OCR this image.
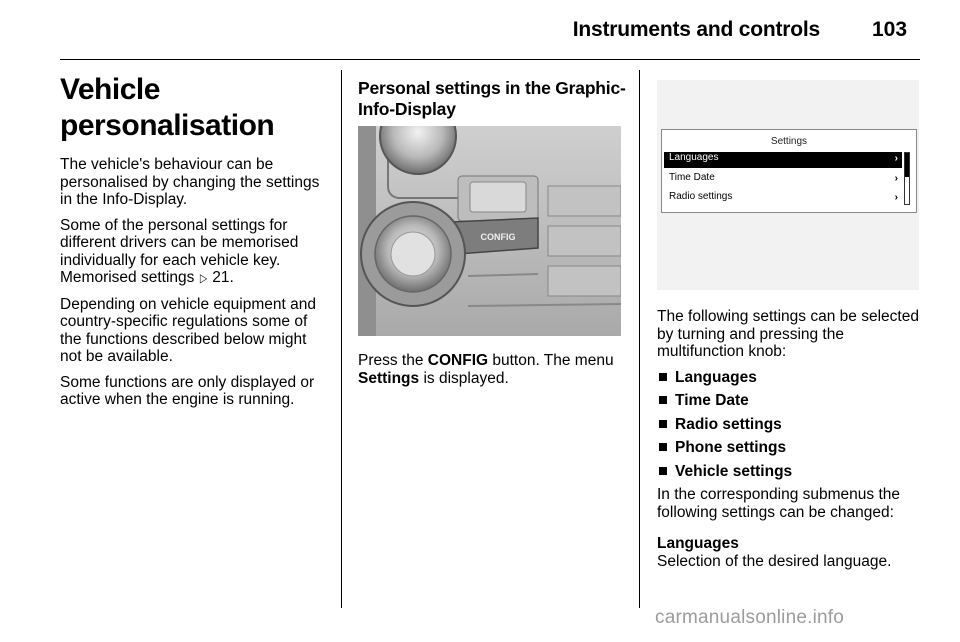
Instruments and controls 103
Vehicle personalisation

The vehicle's behaviour can be personalised by changing the settings in the Info-Display.

Some of the personal settings for different drivers can be memorised individually for each vehicle key. Memorised settings ▷ 21.

Depending on vehicle equipment and country-specific regulations some of the functions described below might not be available.

Some functions are only displayed or active when the engine is running.

Personal settings in the Graphic-Info-Display
CONFIG

Press the CONFIG button. The menu Settings is displayed.

Settings
Languages	›
Time Date	›
Radio settings	›

The following settings can be selected by turning and pressing the multifunction knob:

Languages
Time Date
Radio settings
Phone settings
Vehicle settings

In the corresponding submenus the following settings can be changed:

Languages

Selection of the desired language.

carmanualsonline.info
